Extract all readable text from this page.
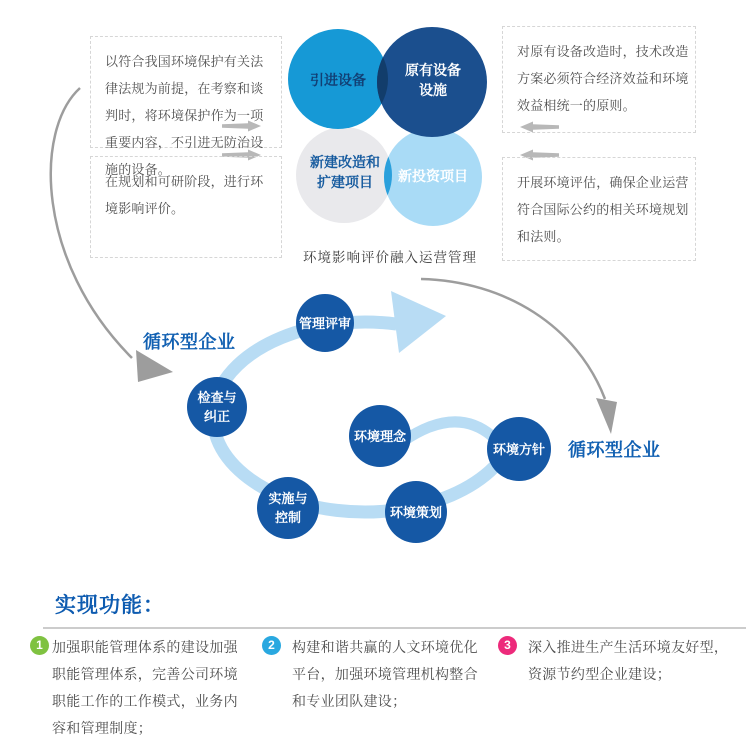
以符合我国环境保护有关法律法规为前提，在考察和谈判时，将环境保护作为一项重要内容，不引进无防治设施的设备。
在规划和可研阶段，进行环境影响评价。
对原有设备改造时，技术改造方案必须符合经济效益和环境效益相统一的原则。
开展环境评估，确保企业运营符合国际公约的相关环境规划和法则。
引进设备
原有设备设施
新建改造和扩建项目	新投资项目
环境影响评价融入运营管理
循环型企业
循环型企业
管理评审
检查与纠正
环境理念
环境方针
实施与控制	环境策划
实现功能：
1 加强职能管理体系的建设加强职能管理体系，完善公司环境职能工作的工作模式，业务内容和管理制度；
2	构建和谐共赢的人文环境优化平台，加强环境管理机构整合和专业团队建设；
3	深入推进生产生活环境友好型，资源节约型企业建设；
